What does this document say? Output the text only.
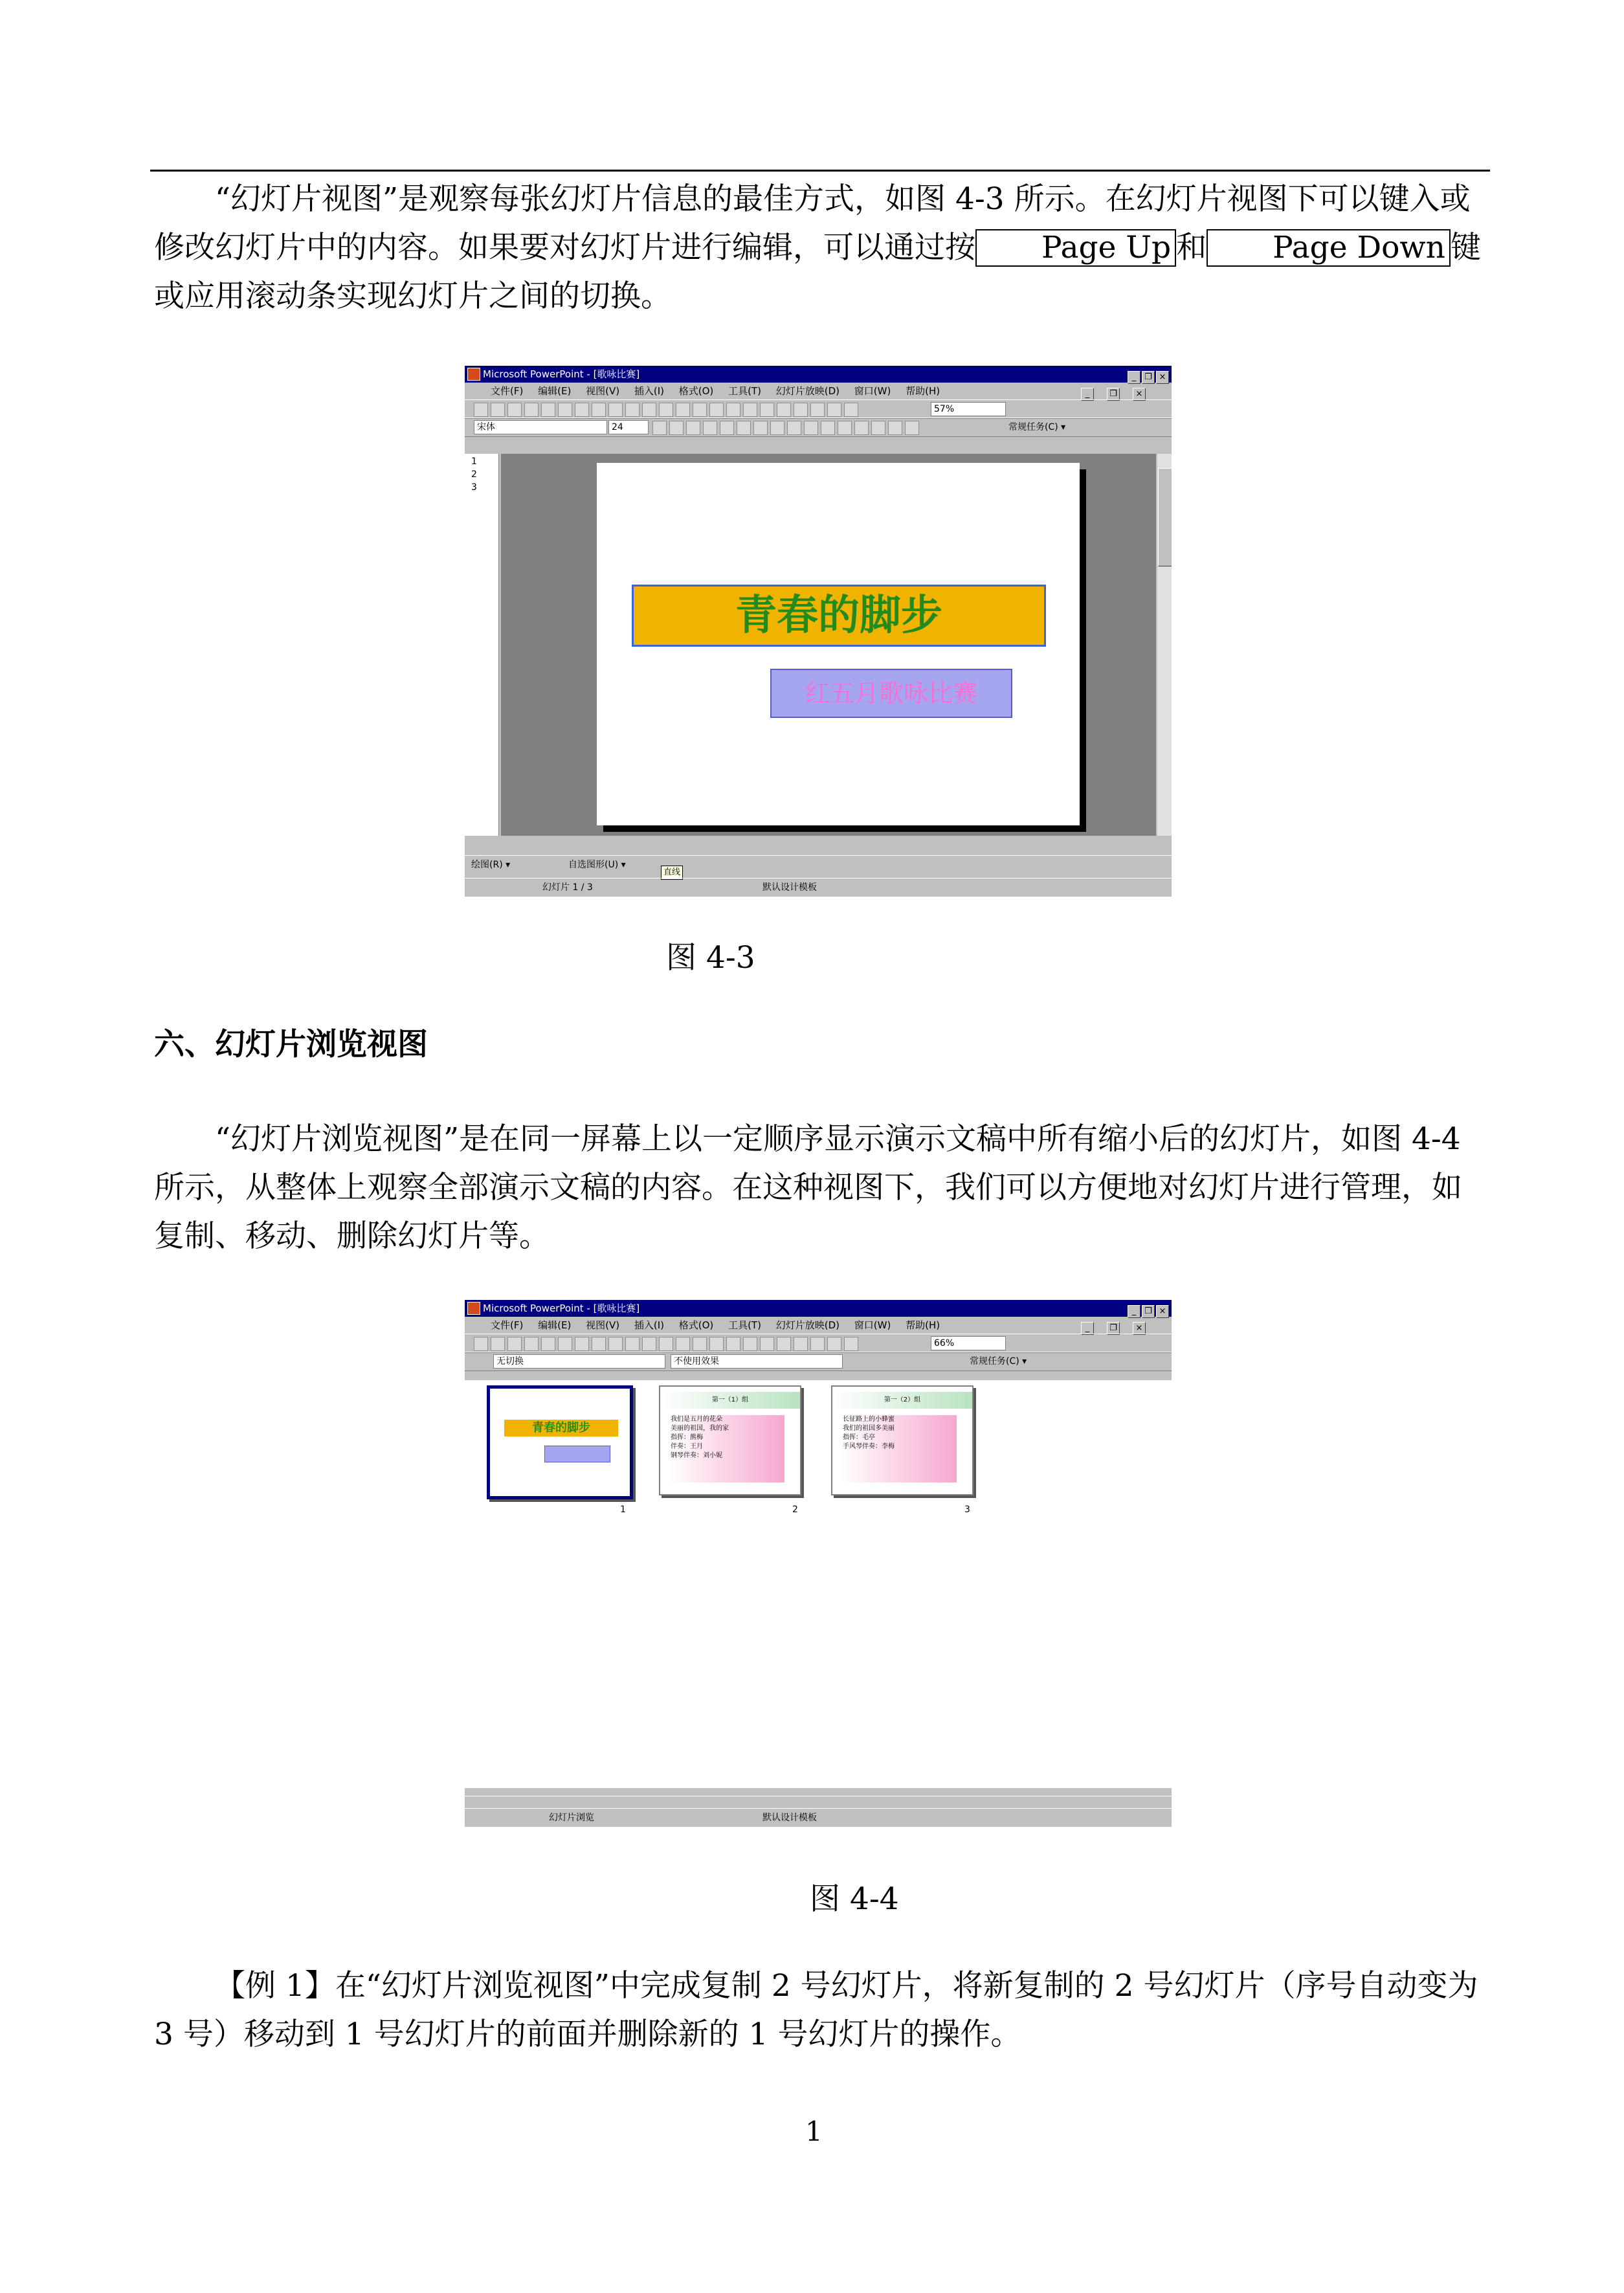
“幻灯片视图”是观察每张幻灯片信息的最佳方式，如图 4-3 所示。在幻灯片视图下可以键入或修改幻灯片中的内容。如果要对幻灯片进行编辑，可以通过按 Page Up 和 Page Down 键或应用滚动条实现幻灯片之间的切换。

Microsoft PowerPoint - [歌咏比赛]	_ ❐ ×
文件(F) 编辑(E) 视图(V) 插入(I) 格式(O) 工具(T) 幻灯片放映(D) 窗口(W) 帮助(H)	_ ❐ ×
57%
宋体	24	常规任务(C) ▾
1
2
3
青春的脚步
红五月歌咏比赛
绘图(R) ▾	自选图形(U) ▾
直线
幻灯片 1 / 3	默认设计模板
图 4-3
六、幻灯片浏览视图

“幻灯片浏览视图”是在同一屏幕上以一定顺序显示演示文稿中所有缩小后的幻灯片，如图 4-4 所示，从整体上观察全部演示文稿的内容。在这种视图下，我们可以方便地对幻灯片进行管理，如复制、移动、删除幻灯片等。

Microsoft PowerPoint - [歌咏比赛]	_ ❐ ×
文件(F) 编辑(E) 视图(V) 插入(I) 格式(O) 工具(T) 幻灯片放映(D) 窗口(W) 帮助(H)	_ ❐ ×
66%
无切换	不使用效果	常规任务(C) ▾
青春的脚步
第一（1）组
我们是五月的花朵
美丽的祖国，我的家
指挥：熊梅
伴奏：王月
钢琴伴奏：刘小妮
第一（2）组
长征路上的小蜂蜜
我们的祖国多美丽
指挥：毛亭
手风琴伴奏：李梅
1	2	3
幻灯片浏览	默认设计模板
图 4-4

【例 1】在“幻灯片浏览视图”中完成复制 2 号幻灯片，将新复制的 2 号幻灯片（序号自动变为 3 号）移动到 1 号幻灯片的前面并删除新的 1 号幻灯片的操作。

1
